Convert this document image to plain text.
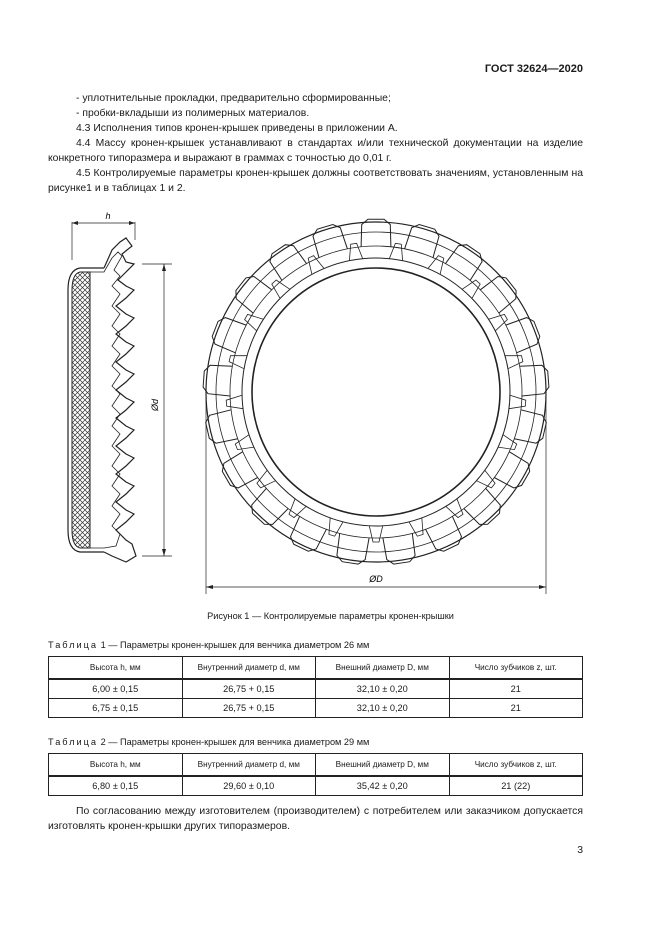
ГОСТ 32624—2020

- уплотнительные прокладки, предварительно сформированные;

- пробки-вкладыши из полимерных материалов.

4.3 Исполнения типов кронен-крышек приведены в приложении А.

4.4 Массу кронен-крышек устанавливают в стандартах и/или технической документации на изделие конкретного типоразмера и выражают в граммах с точностью до 0,01 г.

4.5 Контролируемые параметры кронен-крышек должны соответствовать значениям, установленным на рисунке1 и в таблицах 1 и 2.

h
Ød
ØD
Рисунок 1 — Контролируемые параметры кронен-крышки
Таблица 1 — Параметры кронен-крышек для венчика диаметром 26 мм
Высота h, мм	Внутренний диаметр d, мм	Внешний диаметр D, мм	Число зубчиков z, шт.
6,00 ± 0,15	26,75 + 0,15	32,10 ± 0,20	21
6,75 ± 0,15	26,75 + 0,15	32,10 ± 0,20	21
Таблица 2 — Параметры кронен-крышек для венчика диаметром 29 мм
Высота h, мм	Внутренний диаметр d, мм	Внешний диаметр D, мм	Число зубчиков z, шт.
6,80 ± 0,15	29,60 ± 0,10	35,42 ± 0,20	21 (22)

По согласованию между изготовителем (производителем) с потребителем или заказчиком допускается изготовлять кронен-крышки других типоразмеров.

3
